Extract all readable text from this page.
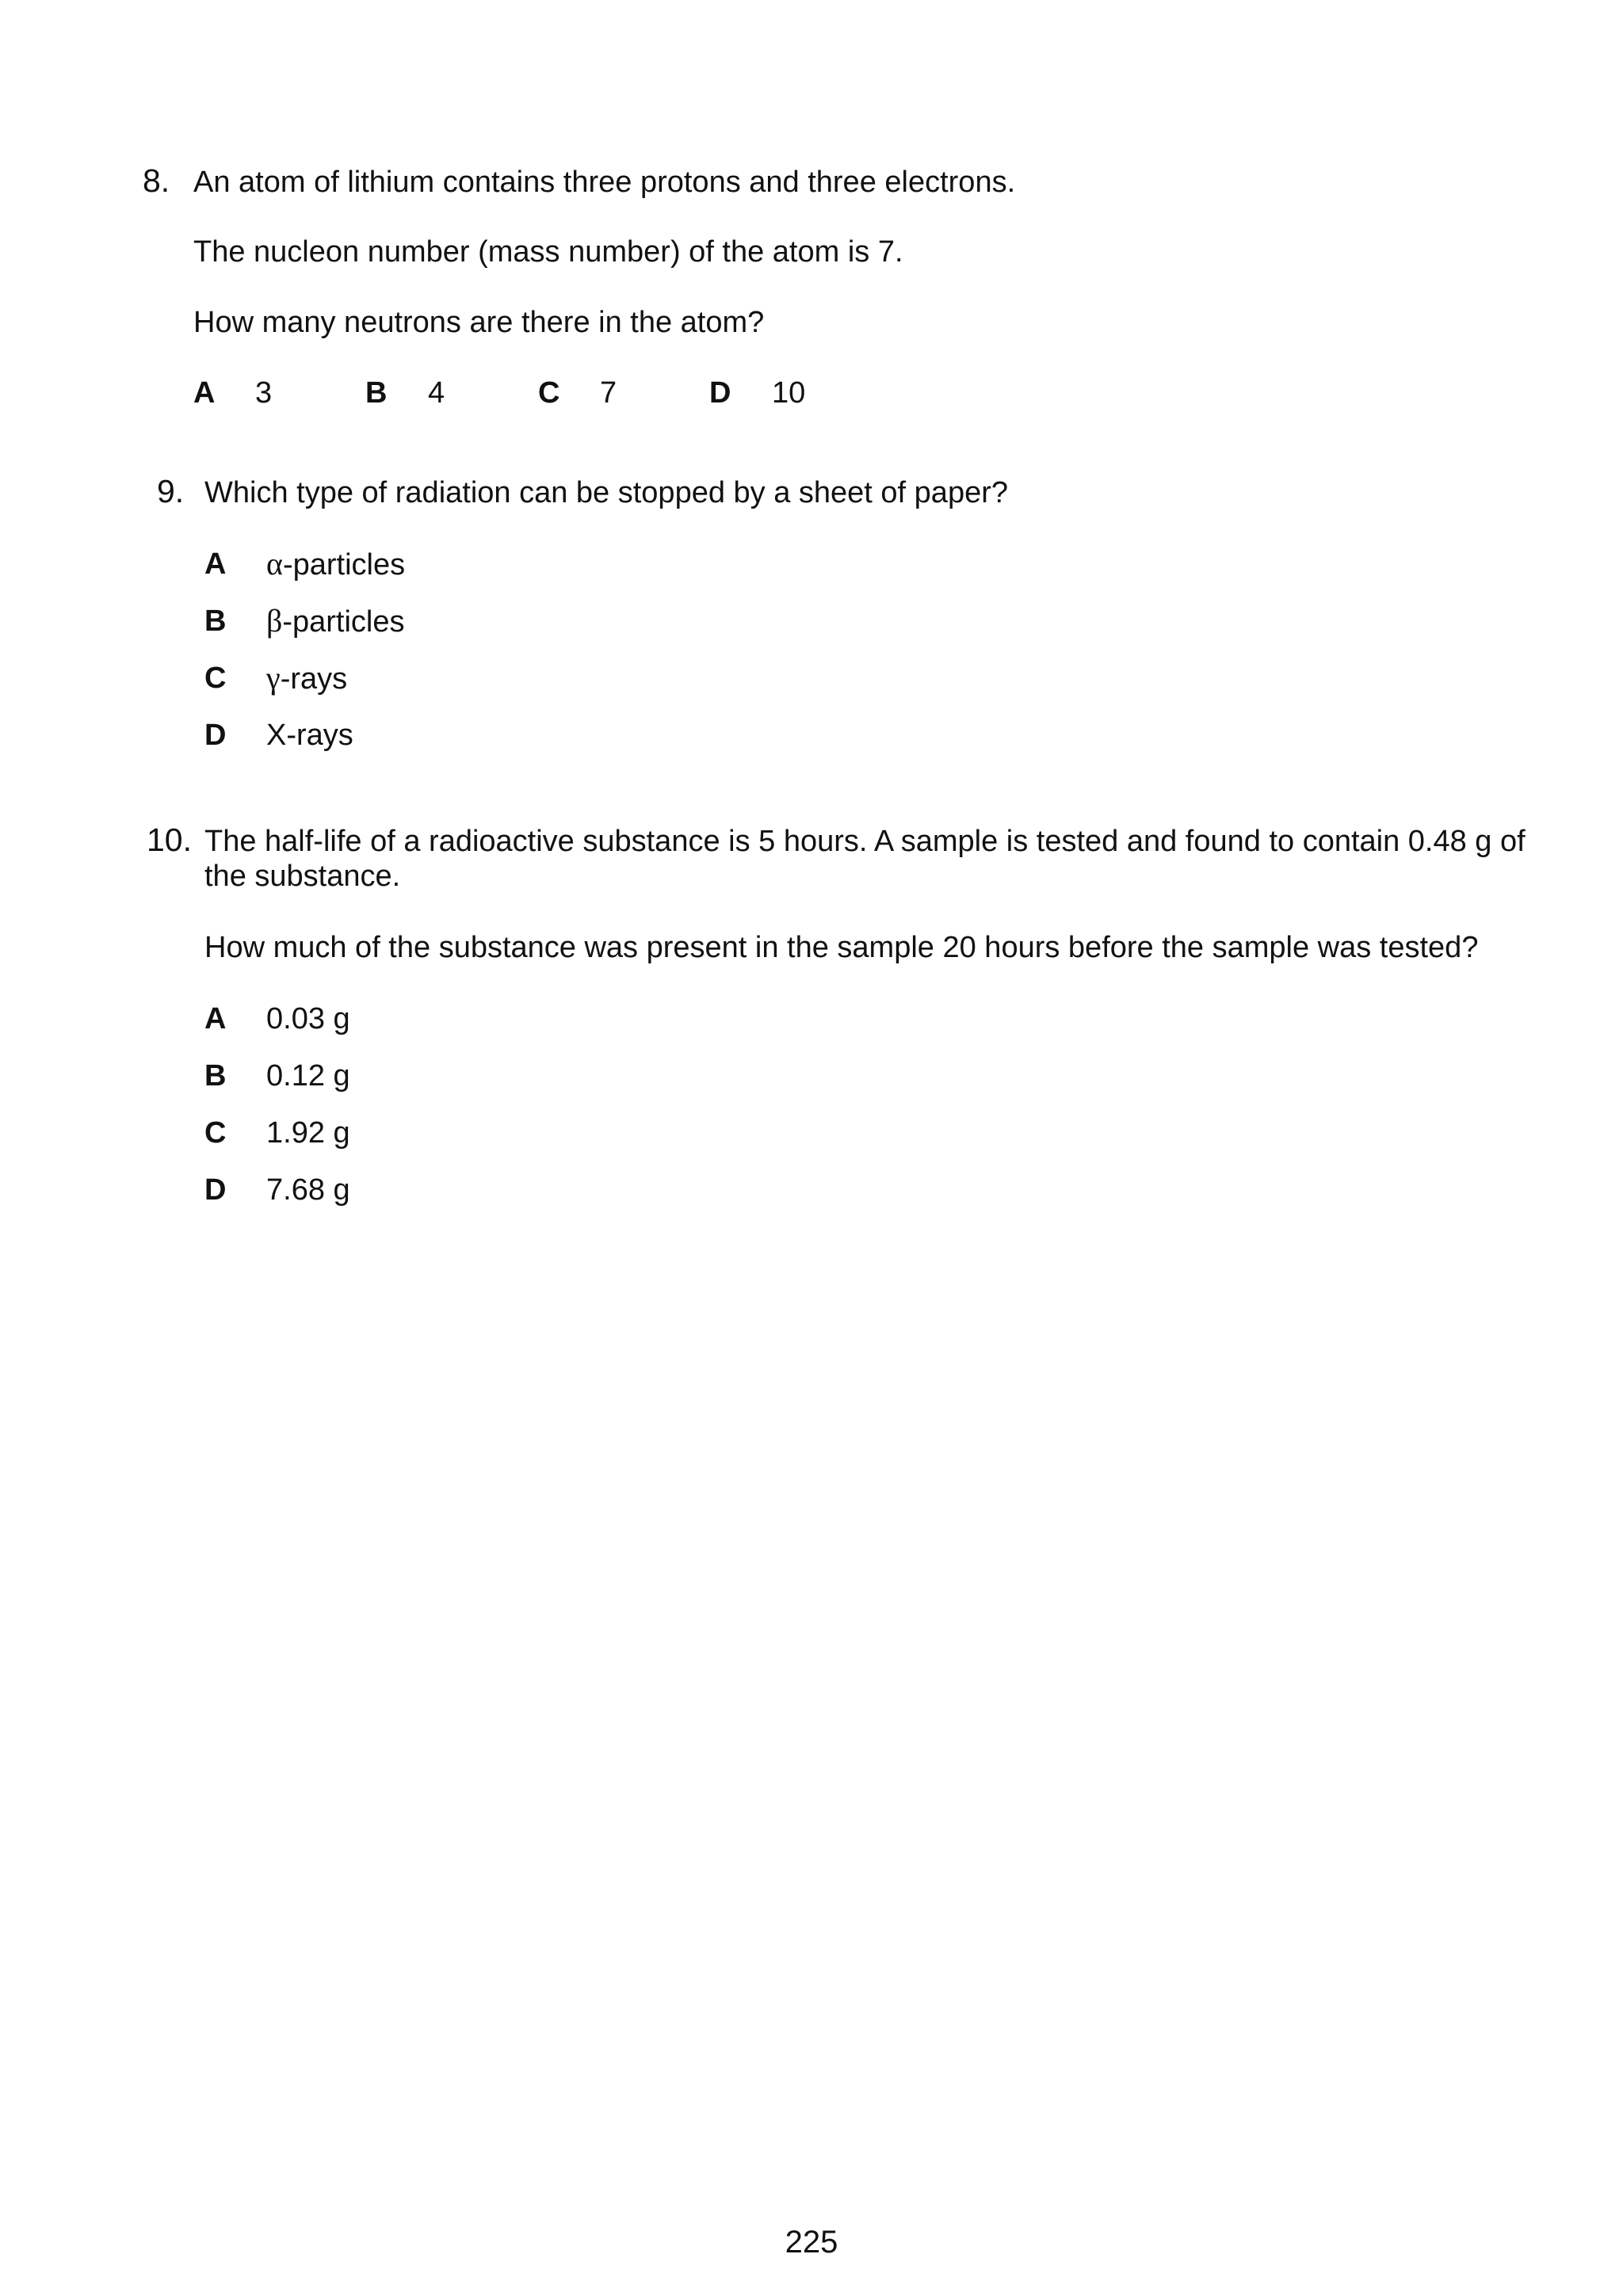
8. An atom of lithium contains three protons and three electrons.
The nucleon number (mass number) of the atom is 7.
How many neutrons are there in the atom?
A 3	B 4	C 7	D 10
9. Which type of radiation can be stopped by a sheet of paper?
A α-particles
B β-particles
C γ-rays
D X-rays
10. The half-life of a radioactive substance is 5 hours. A sample is tested and found to contain 0.48 g of the substance.
How much of the substance was present in the sample 20 hours before the sample was tested?
A 0.03 g
B 0.12 g
C 1.92 g
D 7.68 g
225
